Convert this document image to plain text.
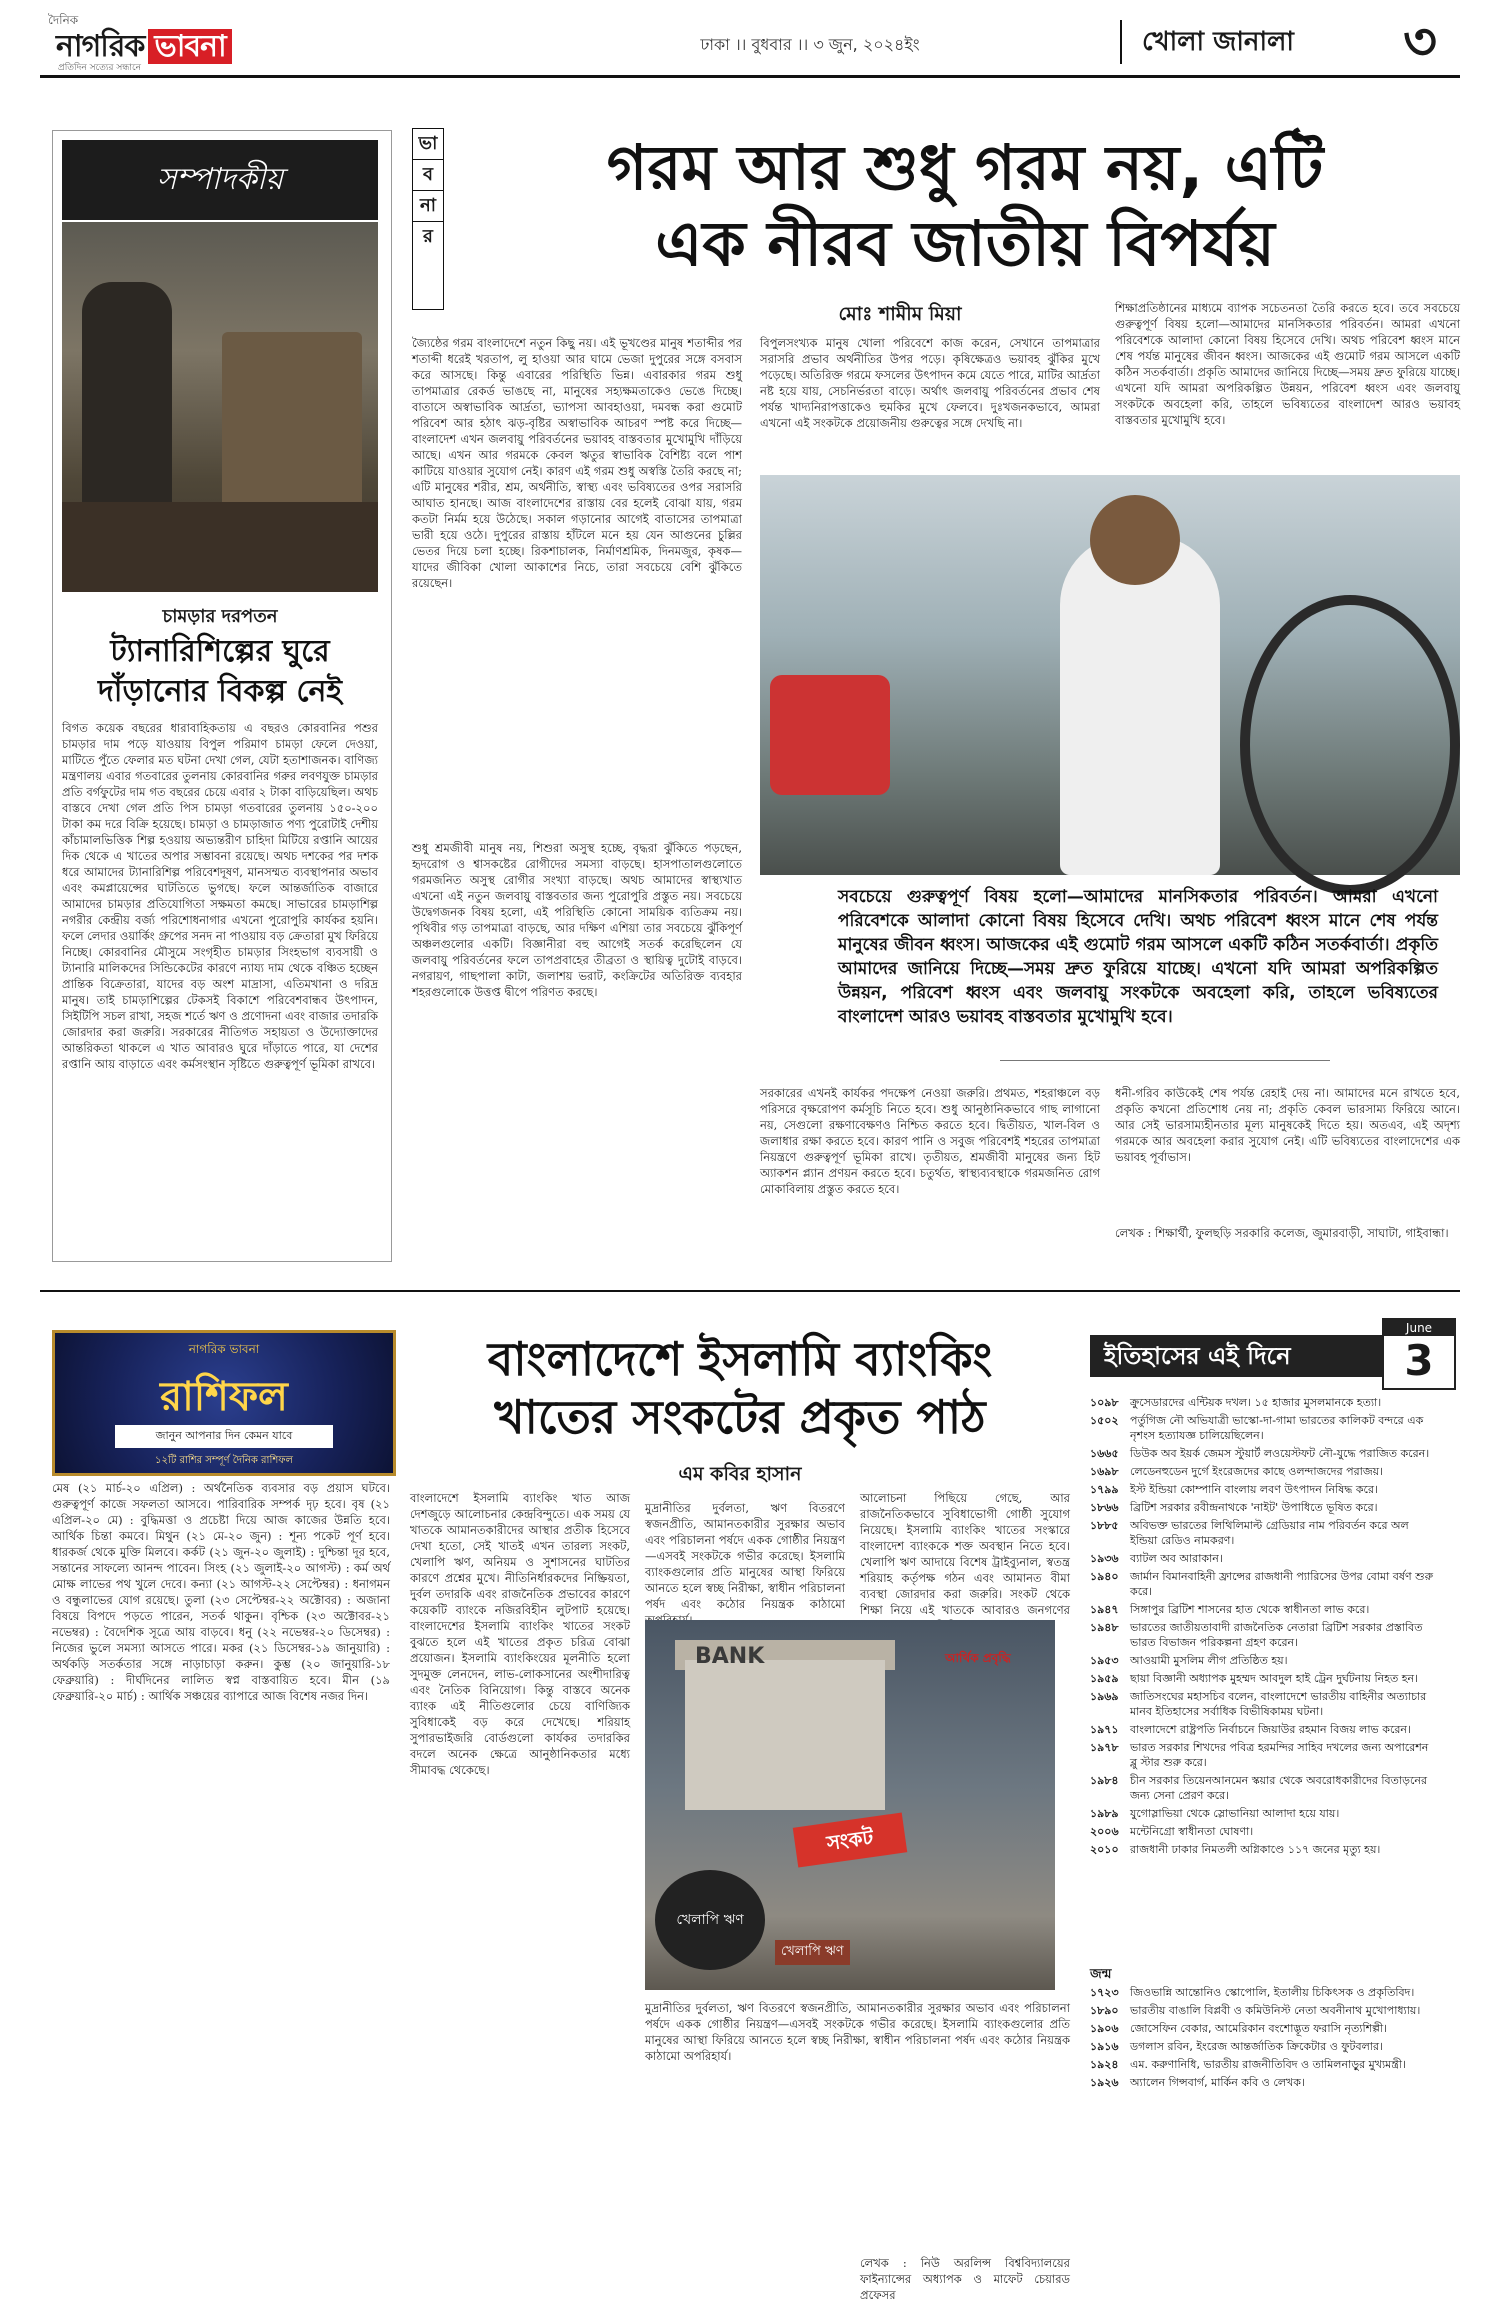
দৈনিক
নাগরিক ভাবনা
প্রতিদিন সত্যের সন্ধানে
ঢাকা ।। বুধবার ।। ৩ জুন, ২০২৪ইং	খোলা জানালা	৩
সম্পাদকীয়
চামড়ার দরপতন
ট্যানারিশিল্পের ঘুরে দাঁড়ানোর বিকল্প নেই
বিগত কয়েক বছরের ধারাবাহিকতায় এ বছরও কোরবানির পশুর চামড়ার দাম পড়ে যাওয়ায় বিপুল পরিমাণ চামড়া ফেলে দেওয়া, মাটিতে পুঁতে ফেলার মত ঘটনা দেখা গেল, যেটা হতাশাজনক। বাণিজ্য মন্ত্রণালয় এবার গতবারের তুলনায় কোরবানির গরুর লবণযুক্ত চামড়ার প্রতি বর্গফুটের দাম গত বছরের চেয়ে এবার ২ টাকা বাড়িয়েছিল। অথচ বাস্তবে দেখা গেল প্রতি পিস চামড়া গতবারের তুলনায় ১৫০-২০০ টাকা কম দরে বিক্রি হয়েছে। চামড়া ও চামড়াজাত পণ্য পুরোটাই দেশীয় কাঁচামালভিত্তিক শিল্প হওয়ায় অভ্যন্তরীণ চাহিদা মিটিয়ে রপ্তানি আয়ের দিক থেকে এ খাতের অপার সম্ভাবনা রয়েছে। অথচ দশকের পর দশক ধরে আমাদের ট্যানারিশিল্প পরিবেশদূষণ, মানসম্মত ব্যবস্থাপনার অভাব এবং কমপ্লায়েন্সের ঘাটতিতে ভুগছে। ফলে আন্তর্জাতিক বাজারে আমাদের চামড়ার প্রতিযোগিতা সক্ষমতা কমছে। সাভারের চামড়াশিল্প নগরীর কেন্দ্রীয় বর্জ্য পরিশোধনাগার এখনো পুরোপুরি কার্যকর হয়নি। ফলে লেদার ওয়ার্কিং গ্রুপের সনদ না পাওয়ায় বড় ক্রেতারা মুখ ফিরিয়ে নিচ্ছে। কোরবানির মৌসুমে সংগৃহীত চামড়ার সিংহভাগ ব্যবসায়ী ও ট্যানারি মালিকদের সিন্ডিকেটের কারণে ন্যায্য দাম থেকে বঞ্চিত হচ্ছেন প্রান্তিক বিক্রেতারা, যাদের বড় অংশ মাদ্রাসা, এতিমখানা ও দরিদ্র মানুষ। তাই চামড়াশিল্পের টেকসই বিকাশে পরিবেশবান্ধব উৎপাদন, সিইটিপি সচল রাখা, সহজ শর্তে ঋণ ও প্রণোদনা এবং বাজার তদারকি জোরদার করা জরুরি। সরকারের নীতিগত সহায়তা ও উদ্যোক্তাদের আন্তরিকতা থাকলে এ খাত আবারও ঘুরে দাঁড়াতে পারে, যা দেশের রপ্তানি আয় বাড়াতে এবং কর্মসংস্থান সৃষ্টিতে গুরুত্বপূর্ণ ভূমিকা রাখবে।
ভা
ব
না
র
গরম আর শুধু গরম নয়, এটি
এক নীরব জাতীয় বিপর্যয়
মোঃ শামীম মিয়া
জ্যৈষ্ঠের গরম বাংলাদেশে নতুন কিছু নয়। এই ভূখণ্ডের মানুষ শতাব্দীর পর শতাব্দী ধরেই খরতাপ, লু হাওয়া আর ঘামে ভেজা দুপুরের সঙ্গে বসবাস করে আসছে। কিন্তু এবারের পরিস্থিতি ভিন্ন। এবারকার গরম শুধু তাপমাত্রার রেকর্ড ভাঙছে না, মানুষের সহ্যক্ষমতাকেও ভেঙে দিচ্ছে। বাতাসে অস্বাভাবিক আর্দ্রতা, ভ্যাপসা আবহাওয়া, দমবন্ধ করা গুমোট পরিবেশ আর হঠাৎ ঝড়-বৃষ্টির অস্বাভাবিক আচরণ স্পষ্ট করে দিচ্ছে—বাংলাদেশ এখন জলবায়ু পরিবর্তনের ভয়াবহ বাস্তবতার মুখোমুখি দাঁড়িয়ে আছে। এখন আর গরমকে কেবল ঋতুর স্বাভাবিক বৈশিষ্ট্য বলে পাশ কাটিয়ে যাওয়ার সুযোগ নেই। কারণ এই গরম শুধু অস্বস্তি তৈরি করছে না; এটি মানুষের শরীর, শ্রম, অর্থনীতি, স্বাস্থ্য এবং ভবিষ্যতের ওপর সরাসরি আঘাত হানছে। আজ বাংলাদেশের রাস্তায় বের হলেই বোঝা যায়, গরম কতটা নির্মম হয়ে উঠেছে। সকাল গড়ানোর আগেই বাতাসের তাপমাত্রা ভারী হয়ে ওঠে। দুপুরের রাস্তায় হাঁটলে মনে হয় যেন আগুনের চুল্লির ভেতর দিয়ে চলা হচ্ছে। রিকশাচালক, নির্মাণশ্রমিক, দিনমজুর, কৃষক—যাদের জীবিকা খোলা আকাশের নিচে, তারা সবচেয়ে বেশি ঝুঁকিতে রয়েছেন।
শুধু শ্রমজীবী মানুষ নয়, শিশুরা অসুস্থ হচ্ছে, বৃদ্ধরা ঝুঁকিতে পড়ছেন, হৃদরোগ ও শ্বাসকষ্টের রোগীদের সমস্যা বাড়ছে। হাসপাতালগুলোতে গরমজনিত অসুস্থ রোগীর সংখ্যা বাড়ছে। অথচ আমাদের স্বাস্থ্যখাত এখনো এই নতুন জলবায়ু বাস্তবতার জন্য পুরোপুরি প্রস্তুত নয়। সবচেয়ে উদ্বেগজনক বিষয় হলো, এই পরিস্থিতি কোনো সাময়িক ব্যতিক্রম নয়। পৃথিবীর গড় তাপমাত্রা বাড়ছে, আর দক্ষিণ এশিয়া তার সবচেয়ে ঝুঁকিপূর্ণ অঞ্চলগুলোর একটি। বিজ্ঞানীরা বহু আগেই সতর্ক করেছিলেন যে জলবায়ু পরিবর্তনের ফলে তাপপ্রবাহের তীব্রতা ও স্থায়িত্ব দুটোই বাড়বে। নগরায়ণ, গাছপালা কাটা, জলাশয় ভরাট, কংক্রিটের অতিরিক্ত ব্যবহার শহরগুলোকে উত্তপ্ত দ্বীপে পরিণত করছে।
বিপুলসংখ্যক মানুষ খোলা পরিবেশে কাজ করেন, সেখানে তাপমাত্রার সরাসরি প্রভাব অর্থনীতির উপর পড়ে। কৃষিক্ষেত্রও ভয়াবহ ঝুঁকির মুখে পড়েছে। অতিরিক্ত গরমে ফসলের উৎপাদন কমে যেতে পারে, মাটির আর্দ্রতা নষ্ট হয়ে যায়, সেচনির্ভরতা বাড়ে। অর্থাৎ জলবায়ু পরিবর্তনের প্রভাব শেষ পর্যন্ত খাদ্যনিরাপত্তাকেও হুমকির মুখে ফেলবে। দুঃখজনকভাবে, আমরা এখনো এই সংকটকে প্রয়োজনীয় গুরুত্বের সঙ্গে দেখছি না।
শিক্ষাপ্রতিষ্ঠানের মাধ্যমে ব্যাপক সচেতনতা তৈরি করতে হবে। তবে সবচেয়ে গুরুত্বপূর্ণ বিষয় হলো—আমাদের মানসিকতার পরিবর্তন। আমরা এখনো পরিবেশকে আলাদা কোনো বিষয় হিসেবে দেখি। অথচ পরিবেশ ধ্বংস মানে শেষ পর্যন্ত মানুষের জীবন ধ্বংস। আজকের এই গুমোট গরম আসলে একটি কঠিন সতর্কবার্তা। প্রকৃতি আমাদের জানিয়ে দিচ্ছে—সময় দ্রুত ফুরিয়ে যাচ্ছে। এখনো যদি আমরা অপরিকল্পিত উন্নয়ন, পরিবেশ ধ্বংস এবং জলবায়ু সংকটকে অবহেলা করি, তাহলে ভবিষ্যতের বাংলাদেশ আরও ভয়াবহ বাস্তবতার মুখোমুখি হবে।
সবচেয়ে গুরুত্বপূর্ণ বিষয় হলো—আমাদের মানসিকতার পরিবর্তন। আমরা এখনো পরিবেশকে আলাদা কোনো বিষয় হিসেবে দেখি। অথচ পরিবেশ ধ্বংস মানে শেষ পর্যন্ত মানুষের জীবন ধ্বংস। আজকের এই গুমোট গরম আসলে একটি কঠিন সতর্কবার্তা। প্রকৃতি আমাদের জানিয়ে দিচ্ছে—সময় দ্রুত ফুরিয়ে যাচ্ছে। এখনো যদি আমরা অপরিকল্পিত উন্নয়ন, পরিবেশ ধ্বংস এবং জলবায়ু সংকটকে অবহেলা করি, তাহলে ভবিষ্যতের বাংলাদেশ আরও ভয়াবহ বাস্তবতার মুখোমুখি হবে।
সরকারের এখনই কার্যকর পদক্ষেপ নেওয়া জরুরি। প্রথমত, শহরাঞ্চলে বড় পরিসরে বৃক্ষরোপণ কর্মসূচি নিতে হবে। শুধু আনুষ্ঠানিকভাবে গাছ লাগানো নয়, সেগুলো রক্ষণাবেক্ষণও নিশ্চিত করতে হবে। দ্বিতীয়ত, খাল-বিল ও জলাধার রক্ষা করতে হবে। কারণ পানি ও সবুজ পরিবেশই শহরের তাপমাত্রা নিয়ন্ত্রণে গুরুত্বপূর্ণ ভূমিকা রাখে। তৃতীয়ত, শ্রমজীবী মানুষের জন্য হিট অ্যাকশন প্ল্যান প্রণয়ন করতে হবে। চতুর্থত, স্বাস্থ্যব্যবস্থাকে গরমজনিত রোগ মোকাবিলায় প্রস্তুত করতে হবে।
ধনী-গরিব কাউকেই শেষ পর্যন্ত রেহাই দেয় না। আমাদের মনে রাখতে হবে, প্রকৃতি কখনো প্রতিশোধ নেয় না; প্রকৃতি কেবল ভারসাম্য ফিরিয়ে আনে। আর সেই ভারসাম্যহীনতার মূল্য মানুষকেই দিতে হয়। অতএব, এই অদৃশ্য গরমকে আর অবহেলা করার সুযোগ নেই। এটি ভবিষ্যতের বাংলাদেশের এক ভয়াবহ পূর্বাভাস।
লেখক : শিক্ষার্থী, ফুলছড়ি সরকারি কলেজ, জুমারবাড়ী, সাঘাটা, গাইবান্ধা।
নাগরিক ভাবনা
রাশিফল
জানুন আপনার দিন কেমন যাবে
১২টি রাশির সম্পূর্ণ দৈনিক রাশিফল
মেষ (২১ মার্চ-২০ এপ্রিল) : অর্থনৈতিক ব্যবসার বড় প্রয়াস ঘটবে। গুরুত্বপূর্ণ কাজে সফলতা আসবে। পারিবারিক সম্পর্ক দৃঢ় হবে। বৃষ (২১ এপ্রিল-২০ মে) : বুদ্ধিমত্তা ও প্রচেষ্টা দিয়ে আজ কাজের উন্নতি হবে। আর্থিক চিন্তা কমবে। মিথুন (২১ মে-২০ জুন) : শূন্য পকেট পূর্ণ হবে। ধারকর্জ থেকে মুক্তি মিলবে। কর্কট (২১ জুন-২০ জুলাই) : দুশ্চিন্তা দূর হবে, সন্তানের সাফল্যে আনন্দ পাবেন। সিংহ (২১ জুলাই-২০ আগস্ট) : কর্ম অর্থ মোক্ষ লাভের পথ খুলে দেবে। কন্যা (২১ আগস্ট-২২ সেপ্টেম্বর) : ধনাগমন ও বন্ধুলাভের যোগ রয়েছে। তুলা (২৩ সেপ্টেম্বর-২২ অক্টোবর) : অজানা বিষয়ে বিপদে পড়তে পারেন, সতর্ক থাকুন। বৃশ্চিক (২৩ অক্টোবর-২১ নভেম্বর) : বৈদেশিক সূত্রে আয় বাড়বে। ধনু (২২ নভেম্বর-২০ ডিসেম্বর) : নিজের ভুলে সমস্যা আসতে পারে। মকর (২১ ডিসেম্বর-১৯ জানুয়ারি) : অর্থকড়ি সতর্কতার সঙ্গে নাড়াচাড়া করুন। কুম্ভ (২০ জানুয়ারি-১৮ ফেব্রুয়ারি) : দীর্ঘদিনের লালিত স্বপ্ন বাস্তবায়িত হবে। মীন (১৯ ফেব্রুয়ারি-২০ মার্চ) : আর্থিক সঞ্চয়ের ব্যাপারে আজ বিশেষ নজর দিন।
বাংলাদেশে ইসলামি ব্যাংকিং
খাতের সংকটের প্রকৃত পাঠ
এম কবির হাসান
বাংলাদেশে ইসলামি ব্যাংকিং খাত আজ দেশজুড়ে আলোচনার কেন্দ্রবিন্দুতে। এক সময় যে খাতকে আমানতকারীদের আস্থার প্রতীক হিসেবে দেখা হতো, সেই খাতই এখন তারল্য সংকট, খেলাপি ঋণ, অনিয়ম ও সুশাসনের ঘাটতির কারণে প্রশ্নের মুখে। নীতিনির্ধারকদের নিষ্ক্রিয়তা, দুর্বল তদারকি এবং রাজনৈতিক প্রভাবের কারণে কয়েকটি ব্যাংকে নজিরবিহীন লুটপাট হয়েছে। বাংলাদেশের ইসলামি ব্যাংকিং খাতের সংকট বুঝতে হলে এই খাতের প্রকৃত চরিত্র বোঝা প্রয়োজন। ইসলামি ব্যাংকিংয়ের মূলনীতি হলো সুদমুক্ত লেনদেন, লাভ-লোকসানের অংশীদারিত্ব এবং নৈতিক বিনিয়োগ। কিন্তু বাস্তবে অনেক ব্যাংক এই নীতিগুলোর চেয়ে বাণিজ্যিক সুবিধাকেই বড় করে দেখেছে। শরিয়াহ সুপারভাইজরি বোর্ডগুলো কার্যকর তদারকির বদলে অনেক ক্ষেত্রে আনুষ্ঠানিকতার মধ্যে সীমাবদ্ধ থেকেছে।
মুদ্রানীতির দুর্বলতা, ঋণ বিতরণে স্বজনপ্রীতি, আমানতকারীর সুরক্ষার অভাব এবং পরিচালনা পর্ষদে একক গোষ্ঠীর নিয়ন্ত্রণ—এসবই সংকটকে গভীর করেছে। ইসলামি ব্যাংকগুলোর প্রতি মানুষের আস্থা ফিরিয়ে আনতে হলে স্বচ্ছ নিরীক্ষা, স্বাধীন পরিচালনা পর্ষদ এবং কঠোর নিয়ন্ত্রক কাঠামো
আলোচনা পিছিয়ে গেছে, আর রাজনৈতিকভাবে সুবিধাভোগী গোষ্ঠী সুযোগ নিয়েছে। ইসলামি ব্যাংকিং খাতের সংস্কারে বাংলাদেশ ব্যাংককে শক্ত অবস্থান নিতে হবে। খেলাপি ঋণ আদায়ে বিশেষ ট্রাইব্যুনাল, স্বতন্ত্র শরিয়াহ কর্তৃপক্ষ গঠন এবং আমানত বীমা ব্যবস্থা জোরদার করা জরুরি। সংকট থেকে শিক্ষা নিয়ে এই খাতকে আবারও জনগণের
BANK
সংকট
খেলাপি ঋণ
আর্থিক প্রবৃদ্ধি
খেলাপি ঋণ
মুদ্রানীতির দুর্বলতা, ঋণ বিতরণে স্বজনপ্রীতি, আমানতকারীর সুরক্ষার অভাব এবং পরিচালনা পর্ষদে একক গোষ্ঠীর নিয়ন্ত্রণ—এসবই সংকটকে গভীর করেছে। ইসলামি ব্যাংকগুলোর প্রতি মানুষের আস্থা ফিরিয়ে আনতে হলে স্বচ্ছ নিরীক্ষা, স্বাধীন পরিচালনা পর্ষদ এবং কঠোর নিয়ন্ত্রক কাঠামো অপরিহার্য।
লেখক : নিউ অরলিন্স বিশ্ববিদ্যালয়ের ফাইন্যান্সের অধ্যাপক ও মাফেট চেয়ারড প্রফেসর
ইতিহাসের এই দিনে
June
3
১০৯৮ ক্রুসেডারদের এন্টিয়ক দখল। ১৫ হাজার মুসলমানকে হত্যা।
১৫০২ পর্তুগিজ নৌ অভিযাত্রী ভাস্কো-দা-গামা ভারতের কালিকট বন্দরে এক নৃশংস হত্যাযজ্ঞ চালিয়েছিলেন।
১৬৬৫ ডিউক অব ইয়র্ক জেমস স্টুয়ার্ট লওয়েস্টফট নৌ-যুদ্ধে পরাজিত করেন।
১৬৯৮ লেডেনহুডেন দুর্গে ইংরেজদের কাছে ওলন্দাজদের পরাজয়।
১৭৯৯ ইস্ট ইন্ডিয়া কোম্পানি বাংলায় লবণ উৎপাদন নিষিদ্ধ করে।
১৮৬৬ ব্রিটিশ সরকার রবীন্দ্রনাথকে 'নাইট' উপাধিতে ভূষিত করে।
১৮৮৫ অবিভক্ত ভারতের লিথিলিমাল্ট গ্রেডিয়ার নাম পরিবর্তন করে অল ইন্ডিয়া রেডিও নামকরণ।
১৯৩৬ ব্যাটল অব আরাকান।
১৯৪০ জার্মান বিমানবাহিনী ফ্রান্সের রাজধানী প্যারিসের উপর বোমা বর্ষণ শুরু করে।
১৯৪৭ সিঙ্গাপুর ব্রিটিশ শাসনের হাত থেকে স্বাধীনতা লাভ করে।
১৯৪৮ ভারতের জাতীয়তাবাদী রাজনৈতিক নেতারা ব্রিটিশ সরকার প্রস্তাবিত ভারত বিভাজন পরিকল্পনা গ্রহণ করেন।
১৯৫৩ আওয়ামী মুসলিম লীগ প্রতিষ্ঠিত হয়।
১৯৫৯ ছায়া বিজ্ঞানী অধ্যাপক মুহম্মদ আবদুল হাই ট্রেন দুর্ঘটনায় নিহত হন।
১৯৬৯ জাতিসংঘের মহাসচিব বলেন, বাংলাদেশে ভারতীয় বাহিনীর অত্যাচার মানব ইতিহাসের সর্বাধিক বিভীষিকাময় ঘটনা।
১৯৭১ বাংলাদেশে রাষ্ট্রপতি নির্বাচনে জিয়াউর রহমান বিজয় লাভ করেন।
১৯৭৮ ভারত সরকার শিখদের পবিত্র হরমন্দির সাহিব দখলের জন্য অপারেশন ব্লু স্টার শুরু করে।
১৯৮৪ চীন সরকার তিয়েনআনমেন স্কয়ার থেকে অবরোধকারীদের বিতাড়নের জন্য সেনা প্রেরণ করে।
১৯৮৯ যুগোস্লাভিয়া থেকে স্লোভানিয়া আলাদা হয়ে যায়।
২০০৬ মন্টেনিগ্রো স্বাধীনতা ঘোষণা।
২০১০ রাজধানী ঢাকার নিমতলী অগ্নিকাণ্ডে ১১৭ জনের মৃত্যু হয়।
জন্ম
১৭২৩ জিওভান্নি আন্তোনিও স্কোপোলি, ইতালীয় চিকিৎসক ও প্রকৃতিবিদ।
১৮৯০ ভারতীয় বাঙালি বিপ্লবী ও কমিউনিস্ট নেতা অবনীনাথ মুখোপাধ্যায়।
১৯০৬ জোসেফিন বেকার, আমেরিকান বংশোদ্ভূত ফরাসি নৃত্যশিল্পী।
১৯১৬ ডগলাস রবিন, ইংরেজ আন্তর্জাতিক ক্রিকেটার ও ফুটবলার।
১৯২৪ এম. করুণানিধি, ভারতীয় রাজনীতিবিদ ও তামিলনাড়ুর মুখ্যমন্ত্রী।
১৯২৬ অ্যালেন গিন্সবার্গ, মার্কিন কবি ও লেখক।
